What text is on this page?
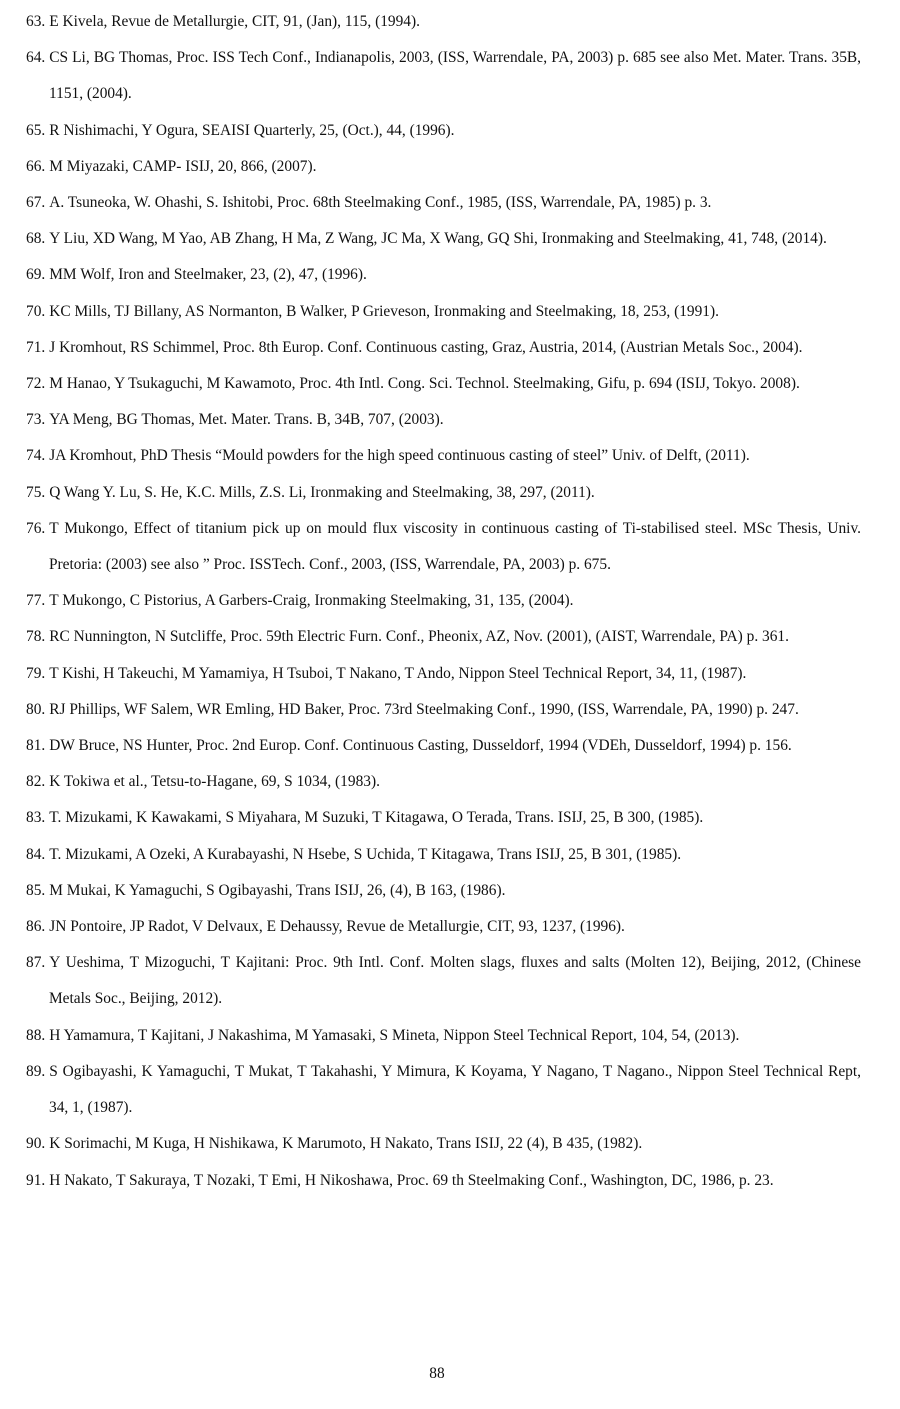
63. E Kivela, Revue de Metallurgie, CIT, 91, (Jan), 115, (1994).
64. CS Li, BG Thomas, Proc. ISS Tech Conf., Indianapolis, 2003, (ISS, Warrendale, PA, 2003) p. 685 see also Met. Mater. Trans. 35B, 1151, (2004).
65. R Nishimachi, Y Ogura, SEAISI Quarterly, 25, (Oct.), 44, (1996).
66. M Miyazaki, CAMP- ISIJ, 20, 866, (2007).
67. A. Tsuneoka, W. Ohashi, S. Ishitobi, Proc. 68th Steelmaking Conf., 1985, (ISS, Warrendale, PA, 1985) p. 3.
68. Y Liu, XD Wang, M Yao, AB Zhang, H Ma, Z Wang, JC Ma, X Wang, GQ Shi, Ironmaking and Steelmaking, 41, 748, (2014).
69. MM Wolf, Iron and Steelmaker, 23, (2), 47, (1996).
70. KC Mills, TJ Billany, AS Normanton, B Walker, P Grieveson, Ironmaking and Steelmaking, 18, 253, (1991).
71. J Kromhout, RS Schimmel, Proc. 8th Europ. Conf. Continuous casting, Graz, Austria, 2014, (Austrian Metals Soc., 2004).
72. M Hanao, Y Tsukaguchi, M Kawamoto, Proc. 4th Intl. Cong. Sci. Technol. Steelmaking, Gifu, p. 694 (ISIJ, Tokyo. 2008).
73. YA Meng, BG Thomas, Met. Mater. Trans. B, 34B, 707, (2003).
74. JA Kromhout, PhD Thesis “Mould powders for the high speed continuous casting of steel” Univ. of Delft, (2011).
75. Q Wang Y. Lu, S. He, K.C. Mills, Z.S. Li, Ironmaking and Steelmaking, 38, 297, (2011).
76. T Mukongo, Effect of titanium pick up on mould flux viscosity in continuous casting of Ti-stabilised steel. MSc Thesis, Univ. Pretoria: (2003) see also ” Proc. ISSTech. Conf., 2003, (ISS, Warrendale, PA, 2003) p. 675.
77. T Mukongo, C Pistorius, A Garbers-Craig, Ironmaking Steelmaking, 31, 135, (2004).
78. RC Nunnington, N Sutcliffe, Proc. 59th Electric Furn. Conf., Pheonix, AZ, Nov. (2001), (AIST, Warrendale, PA) p. 361.
79. T Kishi, H Takeuchi, M Yamamiya, H Tsuboi, T Nakano, T Ando, Nippon Steel Technical Report, 34, 11, (1987).
80. RJ Phillips, WF Salem, WR Emling, HD Baker, Proc. 73rd Steelmaking Conf., 1990, (ISS, Warrendale, PA, 1990) p. 247.
81. DW Bruce, NS Hunter, Proc. 2nd Europ. Conf. Continuous Casting, Dusseldorf, 1994 (VDEh, Dusseldorf, 1994) p. 156.
82. K Tokiwa et al., Tetsu-to-Hagane, 69, S 1034, (1983).
83. T. Mizukami, K Kawakami, S Miyahara, M Suzuki, T Kitagawa, O Terada, Trans. ISIJ, 25, B 300, (1985).
84. T. Mizukami, A Ozeki, A Kurabayashi, N Hsebe, S Uchida, T Kitagawa, Trans ISIJ, 25, B 301, (1985).
85. M Mukai, K Yamaguchi, S Ogibayashi, Trans ISIJ, 26, (4), B 163, (1986).
86. JN Pontoire, JP Radot, V Delvaux, E Dehaussy, Revue de Metallurgie, CIT, 93, 1237, (1996).
87. Y Ueshima, T Mizoguchi, T Kajitani: Proc. 9th Intl. Conf. Molten slags, fluxes and salts (Molten 12), Beijing, 2012, (Chinese Metals Soc., Beijing, 2012).
88. H Yamamura, T Kajitani, J Nakashima, M Yamasaki, S Mineta, Nippon Steel Technical Report, 104, 54, (2013).
89. S Ogibayashi, K Yamaguchi, T Mukat, T Takahashi, Y Mimura, K Koyama, Y Nagano, T Nagano., Nippon Steel Technical Rept, 34, 1, (1987).
90. K Sorimachi, M Kuga, H Nishikawa, K Marumoto, H Nakato, Trans ISIJ, 22 (4), B 435, (1982).
91. H Nakato, T Sakuraya, T Nozaki, T Emi, H Nikoshawa, Proc. 69 th Steelmaking Conf., Washington, DC, 1986, p. 23.
88
